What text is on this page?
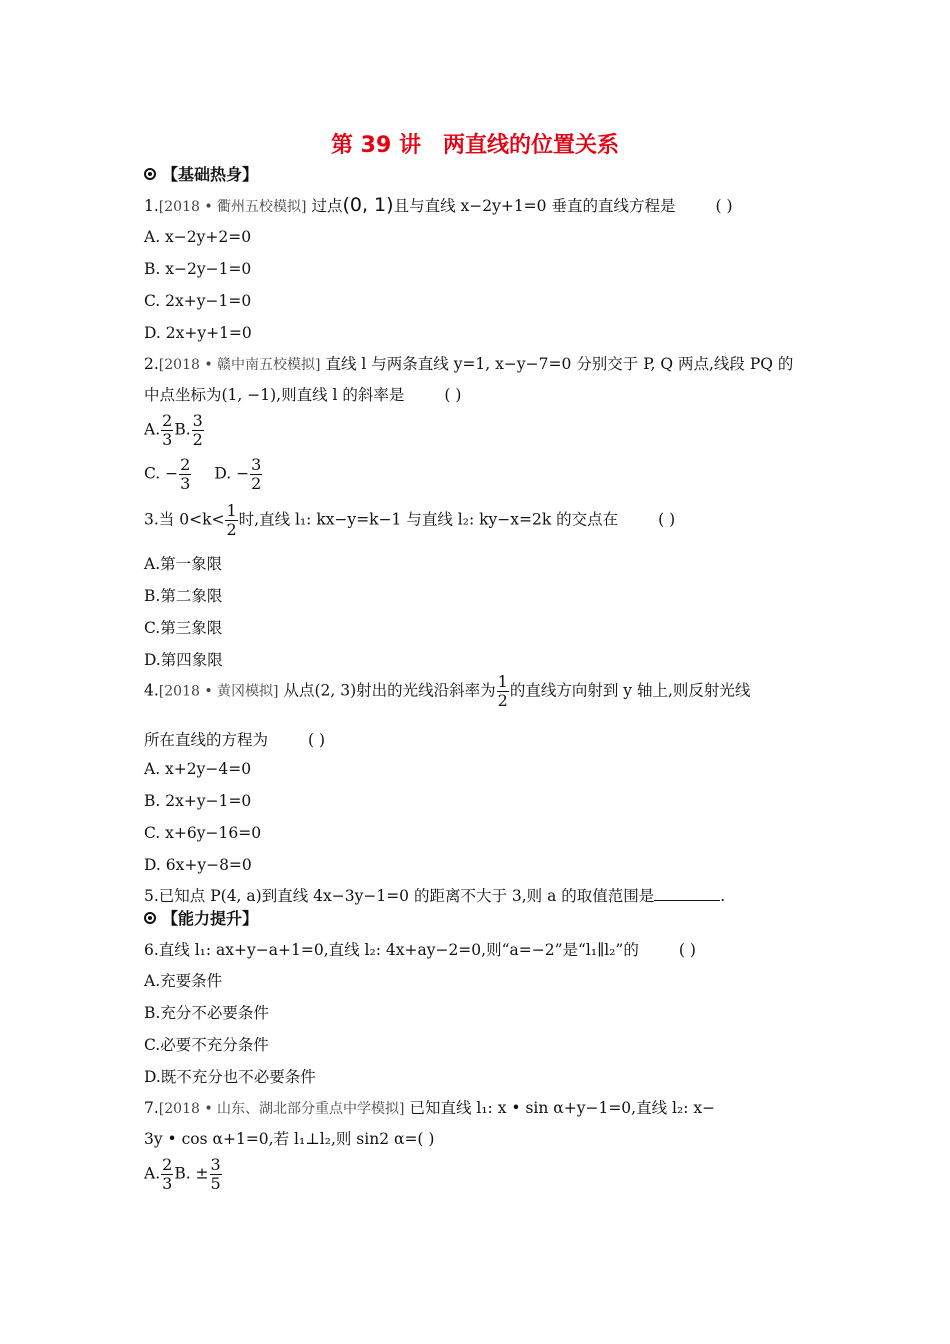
第 39 讲 两直线的位置关系
【基础热身】
1.[2018 • 衢州五校模拟] 过点(0, 1)且与直线 x−2y+1=0 垂直的直线方程是	( )
A. x−2y+2=0
B. x−2y−1=0
C. 2x+y−1=0
D. 2x+y+1=0
2.[2018 • 赣中南五校模拟] 直线 l 与两条直线 y=1, x−y−7=0 分别交于 P, Q 两点,线段 PQ 的
中点坐标为(1, −1),则直线 l 的斜率是	( )
A. $\frac{2}{3} B$. $\frac{3}{2}$
C. − $\frac{2}{3} D$. − $\frac{3}{2}$
3.当 $0<k< \frac{1}{2}$ 时,直线 l₁: kx−y=k−1 与直线 l₂: ky−x=2k 的交点在	( )
A.第一象限
B.第二象限
C.第三象限
D.第四象限
4.[2018 • 黄冈模拟] 从点(2, 3)射出的光线沿斜率为 $\frac{1}{2}$ 的直线方向射到 y 轴上,则反射光线
所在直线的方程为	( )
A. x+2y−4=0
B. 2x+y−1=0
C. x+6y−16=0
D. 6x+y−8=0
5.已知点 P(4, a)到直线 4x−3y−1=0 的距离不大于 3,则 a 的取值范围是	.
【能力提升】
6.直线 l₁: ax+y−a+1=0,直线 l₂: 4x+ay−2=0,则“a=−2”是“l₁∥l₂”的	( )
A.充要条件
B.充分不必要条件
C.必要不充分条件
D.既不充分也不必要条件
7.[2018 • 山东、湖北部分重点中学模拟] 已知直线 l₁: x • sin α+y−1=0,直线 l₂: x−
3y • cos α+1=0,若 l₁⊥l₂,则 sin2 α=( )
A. $\frac{2}{3} B$. ± $\frac{3}{5}$
